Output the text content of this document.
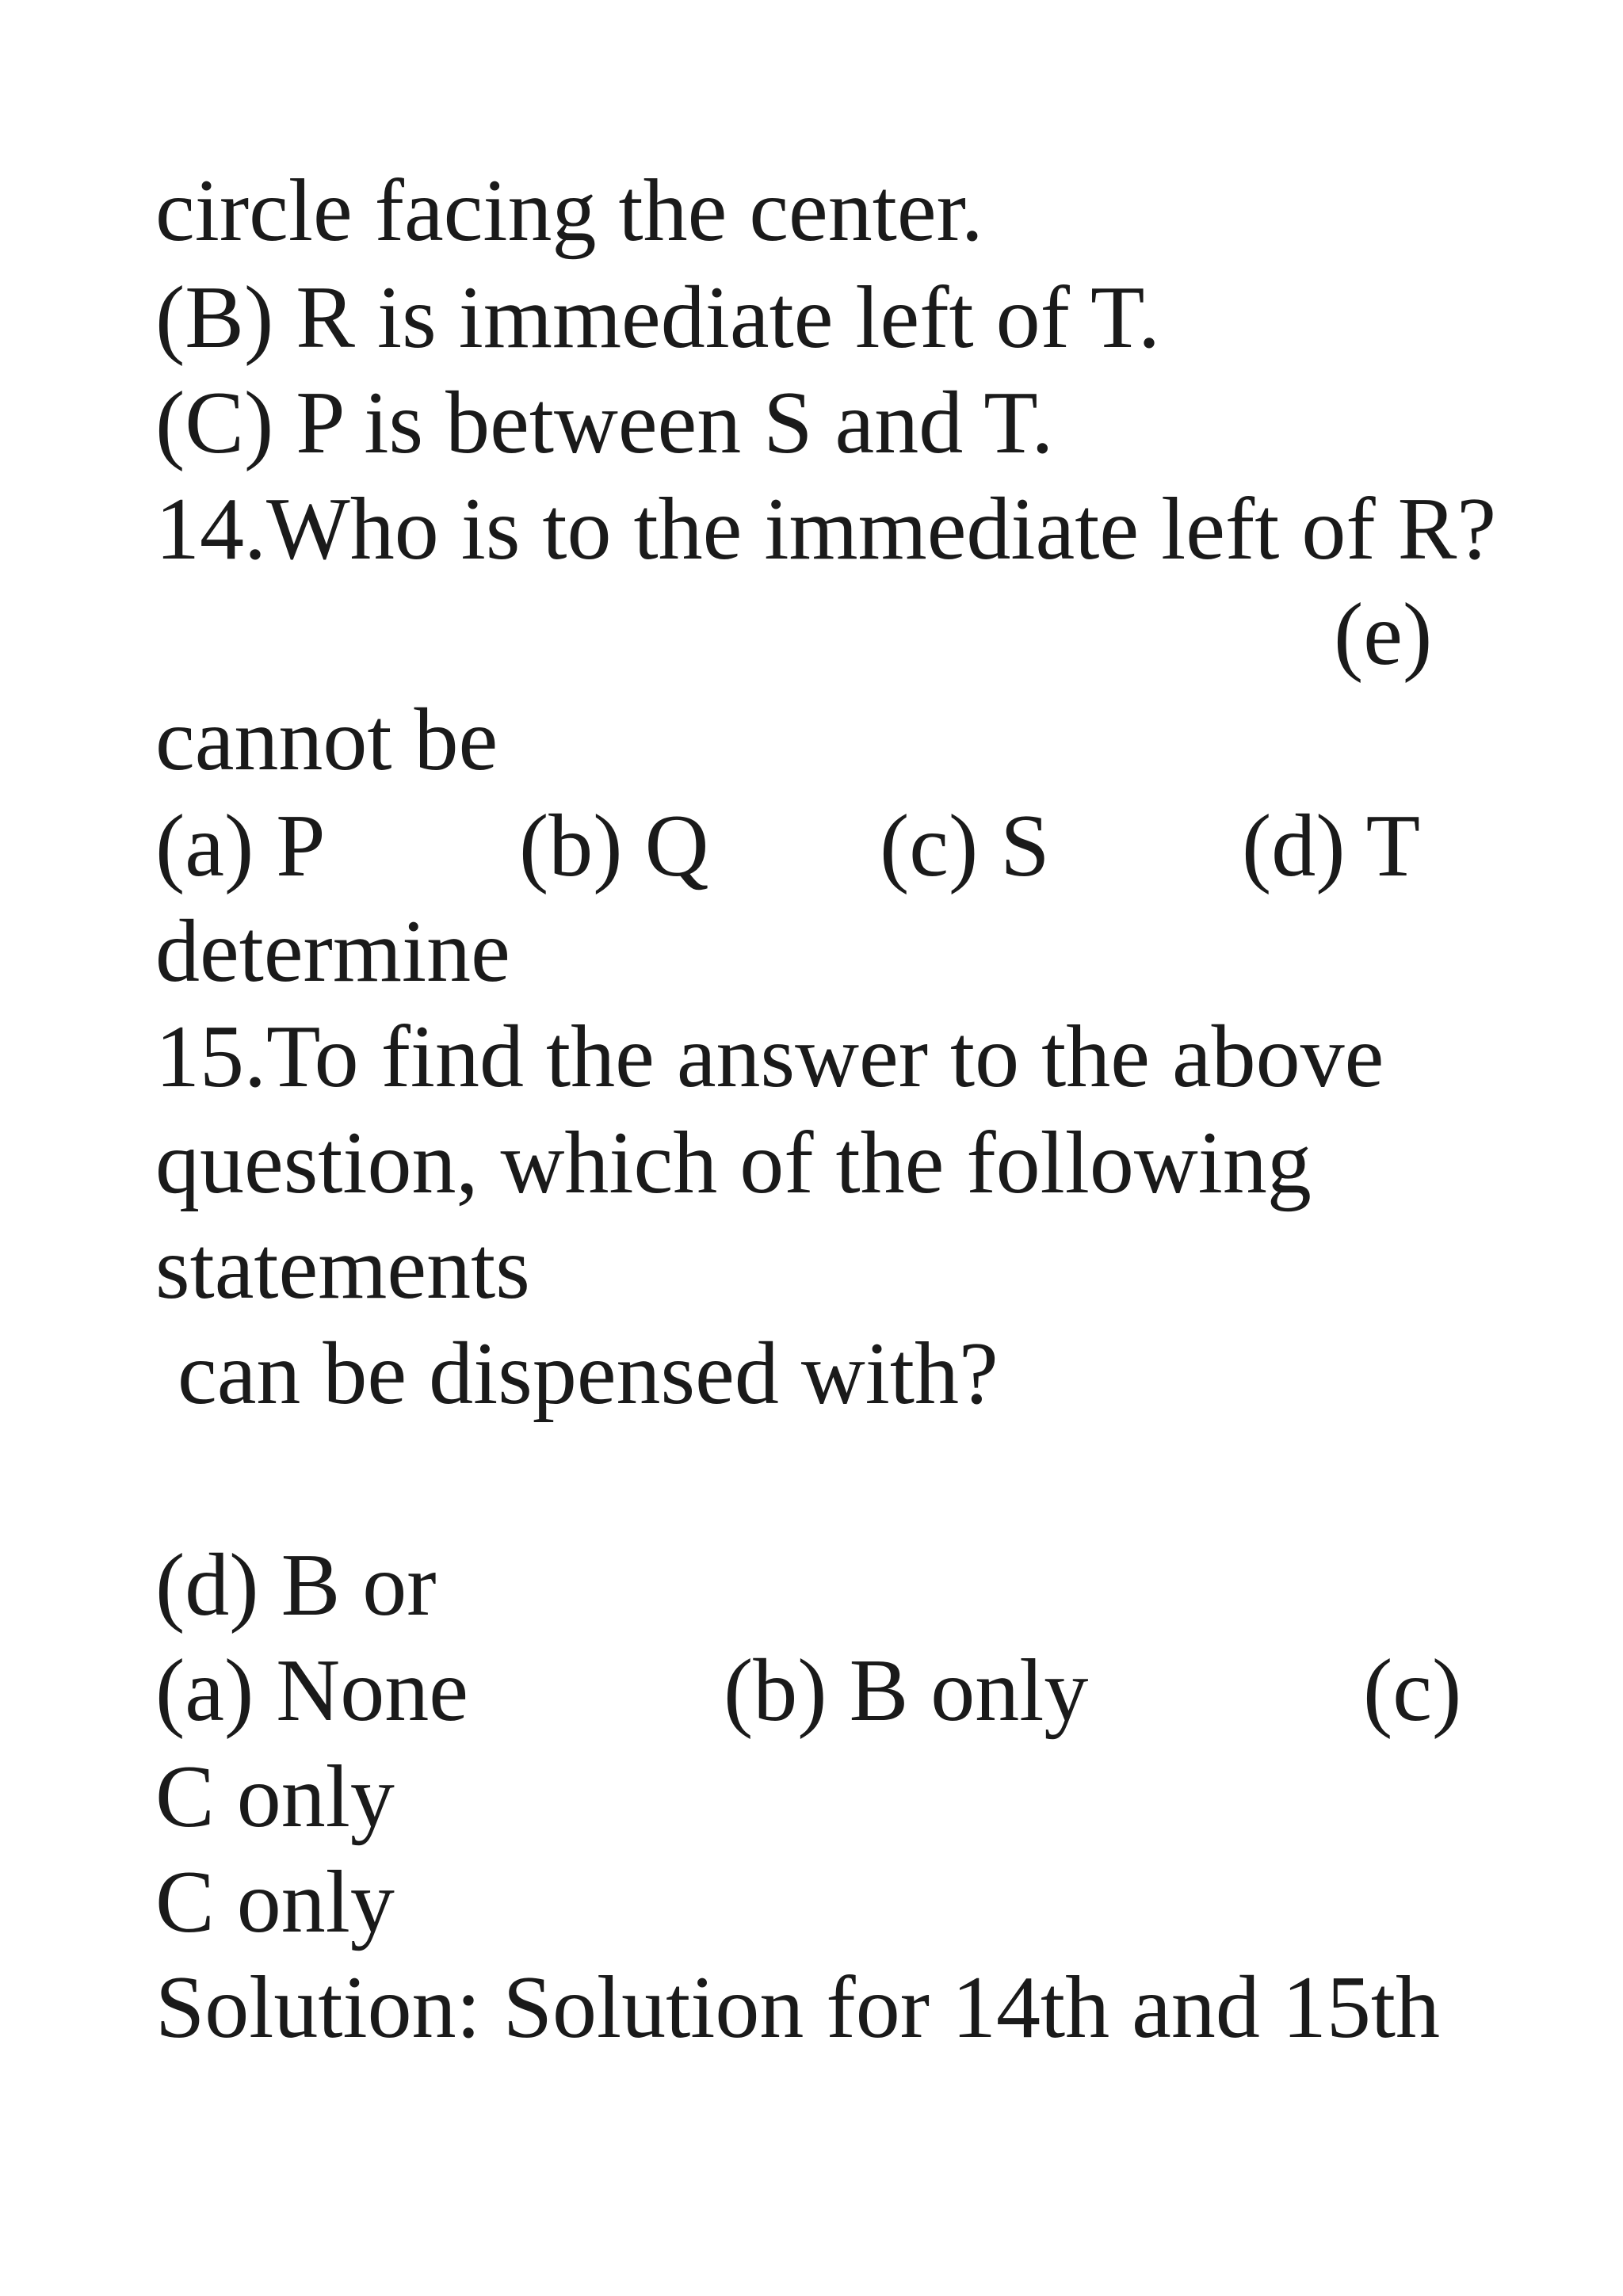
circle facing the center.

(B) R is immediate left of T.

(C) P is between S and T.

14.Who is to the immediate left of R?

(e)

cannot be

(a) P (b) Q (c) S (d) T

determine

15.To find the answer to the above

question, which of the following

statements

can be dispensed with?

(d) B or

(a) None	(b) B only	(c)

C only

C only

Solution: Solution for 14th and 15th
